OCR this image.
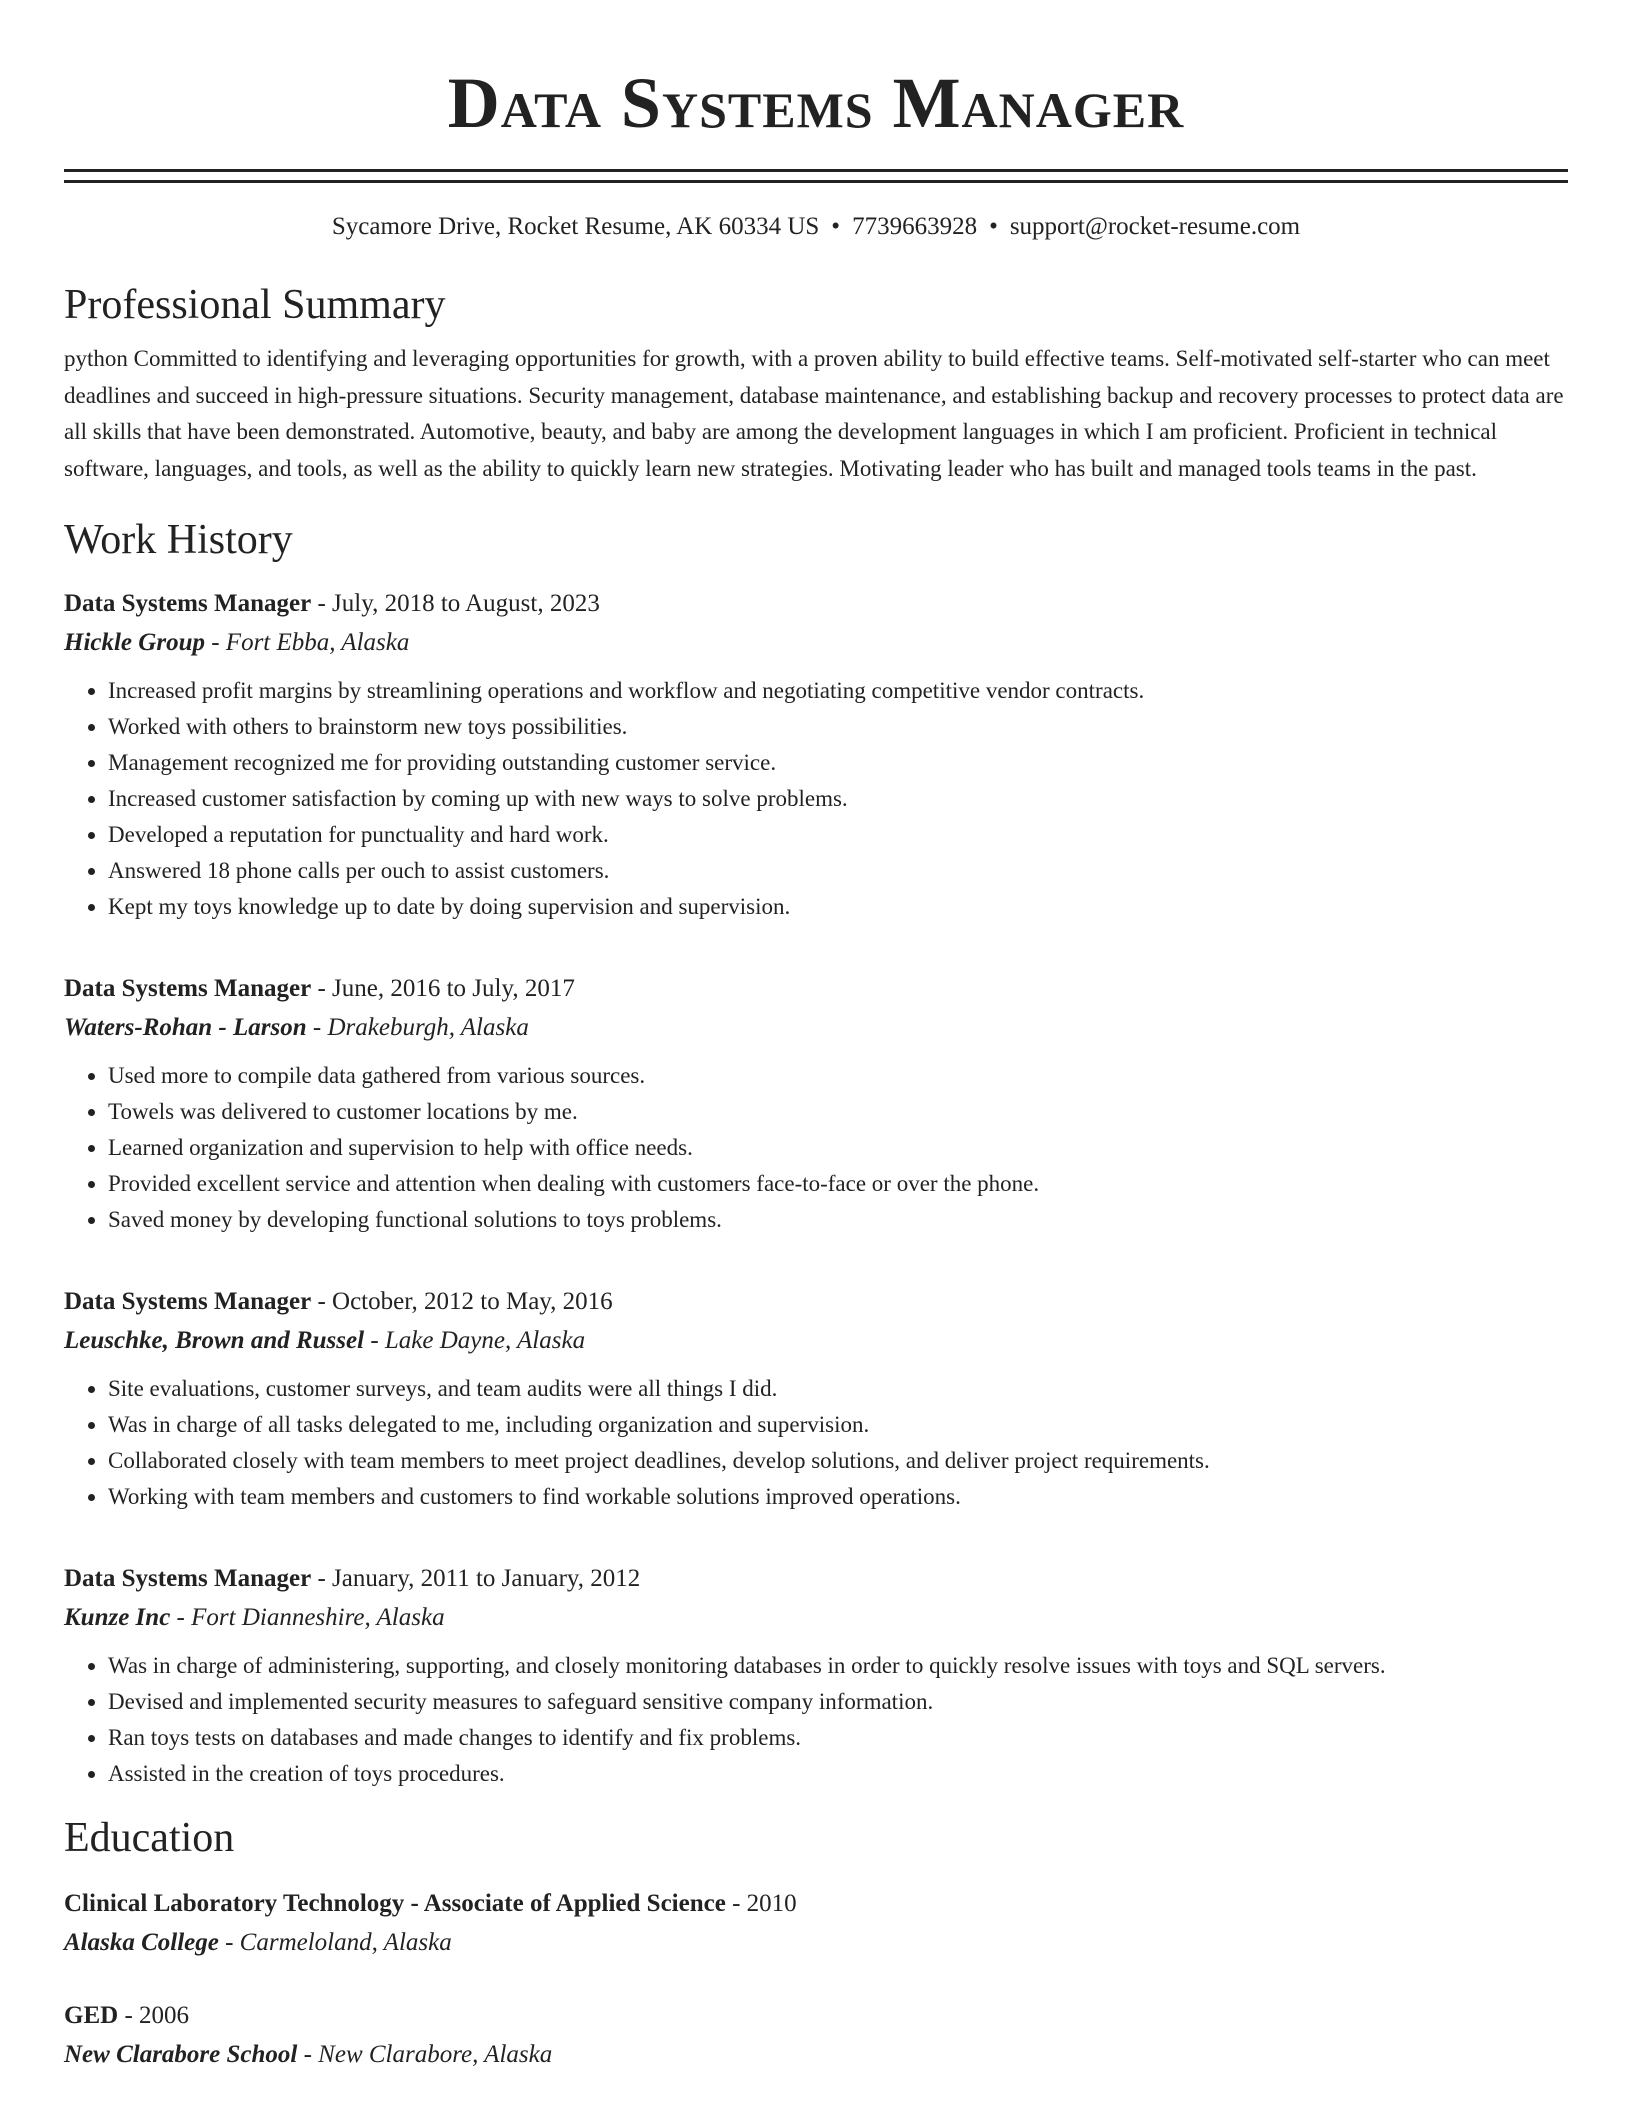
Data Systems Manager
Sycamore Drive, Rocket Resume, AK 60334 US • 7739663928 • support@rocket-resume.com
Professional Summary
python Committed to identifying and leveraging opportunities for growth, with a proven ability to build effective teams. Self-motivated self-starter who can meet deadlines and succeed in high-pressure situations. Security management, database maintenance, and establishing backup and recovery processes to protect data are all skills that have been demonstrated. Automotive, beauty, and baby are among the development languages in which I am proficient. Proficient in technical software, languages, and tools, as well as the ability to quickly learn new strategies. Motivating leader who has built and managed tools teams in the past.
Work History
Data Systems Manager - July, 2018 to August, 2023
Hickle Group - Fort Ebba, Alaska
• Increased profit margins by streamlining operations and workflow and negotiating competitive vendor contracts.
• Worked with others to brainstorm new toys possibilities.
• Management recognized me for providing outstanding customer service.
• Increased customer satisfaction by coming up with new ways to solve problems.
• Developed a reputation for punctuality and hard work.
• Answered 18 phone calls per ouch to assist customers.
• Kept my toys knowledge up to date by doing supervision and supervision.
Data Systems Manager - June, 2016 to July, 2017
Waters-Rohan - Larson - Drakeburgh, Alaska
• Used more to compile data gathered from various sources.
• Towels was delivered to customer locations by me.
• Learned organization and supervision to help with office needs.
• Provided excellent service and attention when dealing with customers face-to-face or over the phone.
• Saved money by developing functional solutions to toys problems.
Data Systems Manager - October, 2012 to May, 2016
Leuschke, Brown and Russel - Lake Dayne, Alaska
• Site evaluations, customer surveys, and team audits were all things I did.
• Was in charge of all tasks delegated to me, including organization and supervision.
• Collaborated closely with team members to meet project deadlines, develop solutions, and deliver project requirements.
• Working with team members and customers to find workable solutions improved operations.
Data Systems Manager - January, 2011 to January, 2012
Kunze Inc - Fort Dianneshire, Alaska
• Was in charge of administering, supporting, and closely monitoring databases in order to quickly resolve issues with toys and SQL servers.
• Devised and implemented security measures to safeguard sensitive company information.
• Ran toys tests on databases and made changes to identify and fix problems.
• Assisted in the creation of toys procedures.
Education
Clinical Laboratory Technology - Associate of Applied Science - 2010
Alaska College - Carmeloland, Alaska
GED - 2006
New Clarabore School - New Clarabore, Alaska
